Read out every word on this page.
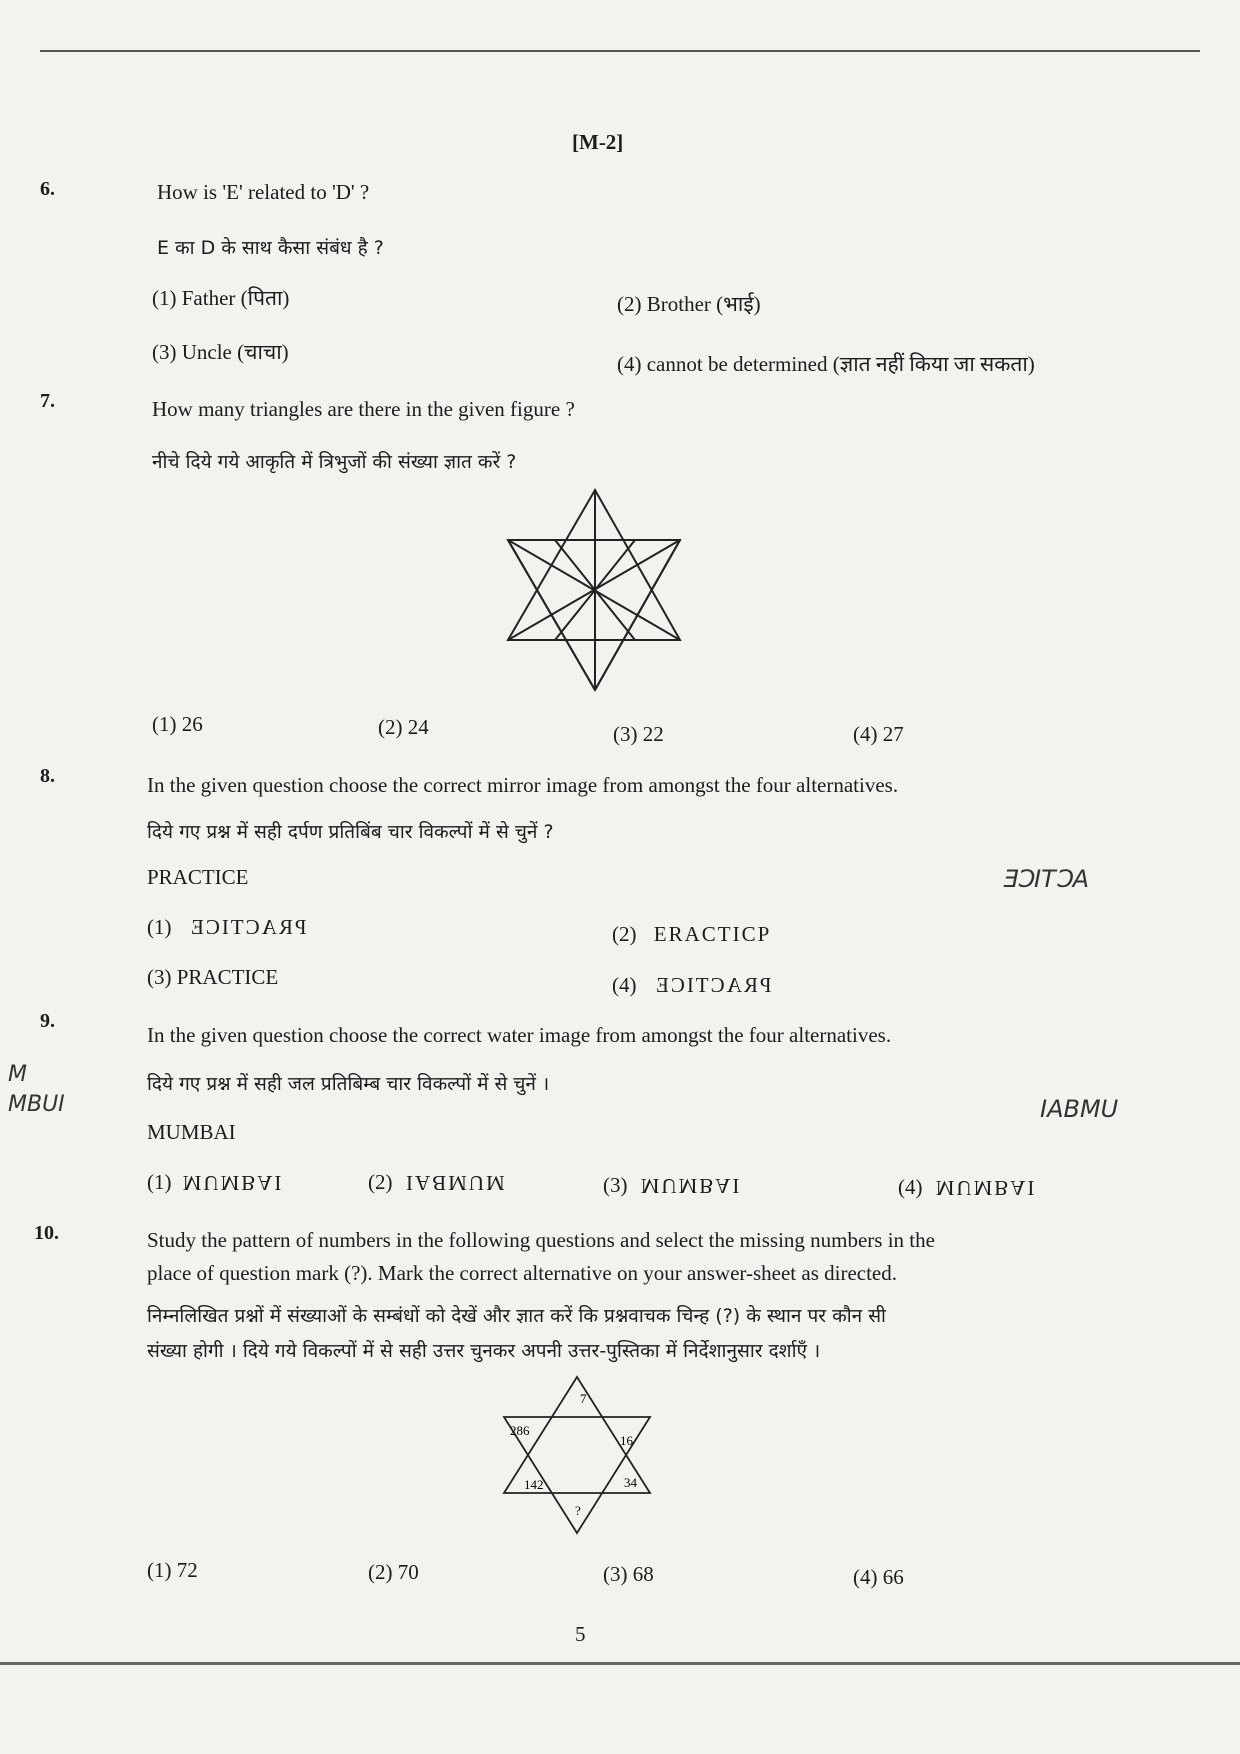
[M-2]
6.	How is 'E' related to 'D' ?
E का D के साथ कैसा संबंध है ?
(1) Father (पिता)	(2) Brother (भाई)
(3) Uncle (चाचा)	(4) cannot be determined (ज्ञात नहीं किया जा सकता)
7.	How many triangles are there in the given figure ?
नीचे दिये गये आकृति में त्रिभुजों की संख्या ज्ञात करें ?
(1) 26	(2) 24	(3) 22	(4) 27
8.	In the given question choose the correct mirror image from amongst the four alternatives.
दिये गए प्रश्न में सही दर्पण प्रतिबिंब चार विकल्पों में से चुनें ?
PRACTICE	ƎƆITƆA
(1) PRACTICE	(2) ERACTICP
(3) PRACTICE	(4) PRACTICE
9.
In the given question choose the correct water image from amongst the four alternatives.
दिये गए प्रश्न में सही जल प्रतिबिम्ब चार विकल्पों में से चुनें ।
M
MBUI
MUMBAI
IABMU
(1) MUMBAI	(2) MUMBAI	(3) MUMBAI	(4) MUMBAI
10.	Study the pattern of numbers in the following questions and select the missing numbers in the
place of question mark (?). Mark the correct alternative on your answer-sheet as directed.
निम्नलिखित प्रश्नों में संख्याओं के सम्बंधों को देखें और ज्ञात करें कि प्रश्नवाचक चिन्ह (?) के स्थान पर कौन सी
संख्या होगी । दिये गये विकल्पों में से सही उत्तर चुनकर अपनी उत्तर-पुस्तिका में निर्देशानुसार दर्शाएँ ।
7
286
16
142	34
?
(1) 72	(2) 70	(3) 68	(4) 66
5
